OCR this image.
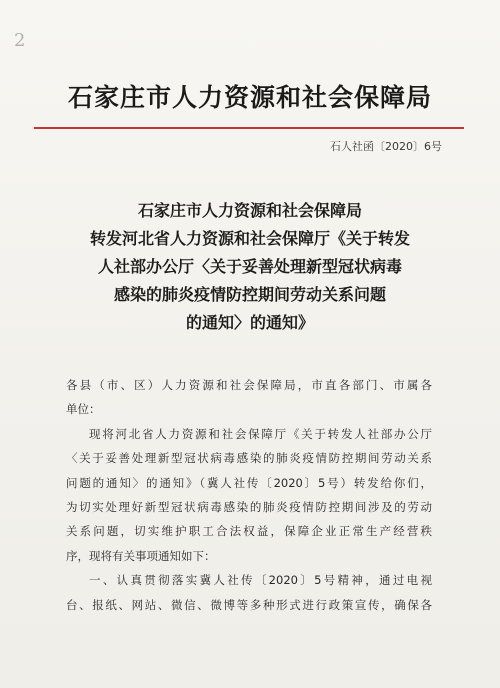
2
石家庄市人力资源和社会保障局
石人社函〔2020〕6号
石家庄市人力资源和社会保障局
转发河北省人力资源和社会保障厅《关于转发
人社部办公厅〈关于妥善处理新型冠状病毒
感染的肺炎疫情防控期间劳动关系问题
的通知〉的通知》
各县（市、区）人力资源和社会保障局，市直各部门、市属各
单位：
现将河北省人力资源和社会保障厅《关于转发人社部办公厅
〈关于妥善处理新型冠状病毒感染的肺炎疫情防控期间劳动关系
问题的通知〉的通知》（冀人社传〔2020〕5号）转发给你们，
为切实处理好新型冠状病毒感染的肺炎疫情防控期间涉及的劳动
关系问题，切实维护职工合法权益，保障企业正常生产经营秩
序，现将有关事项通知如下：
一、认真贯彻落实冀人社传〔2020〕5号精神，通过电视
台、报纸、网站、微信、微博等多种形式进行政策宣传，确保各
